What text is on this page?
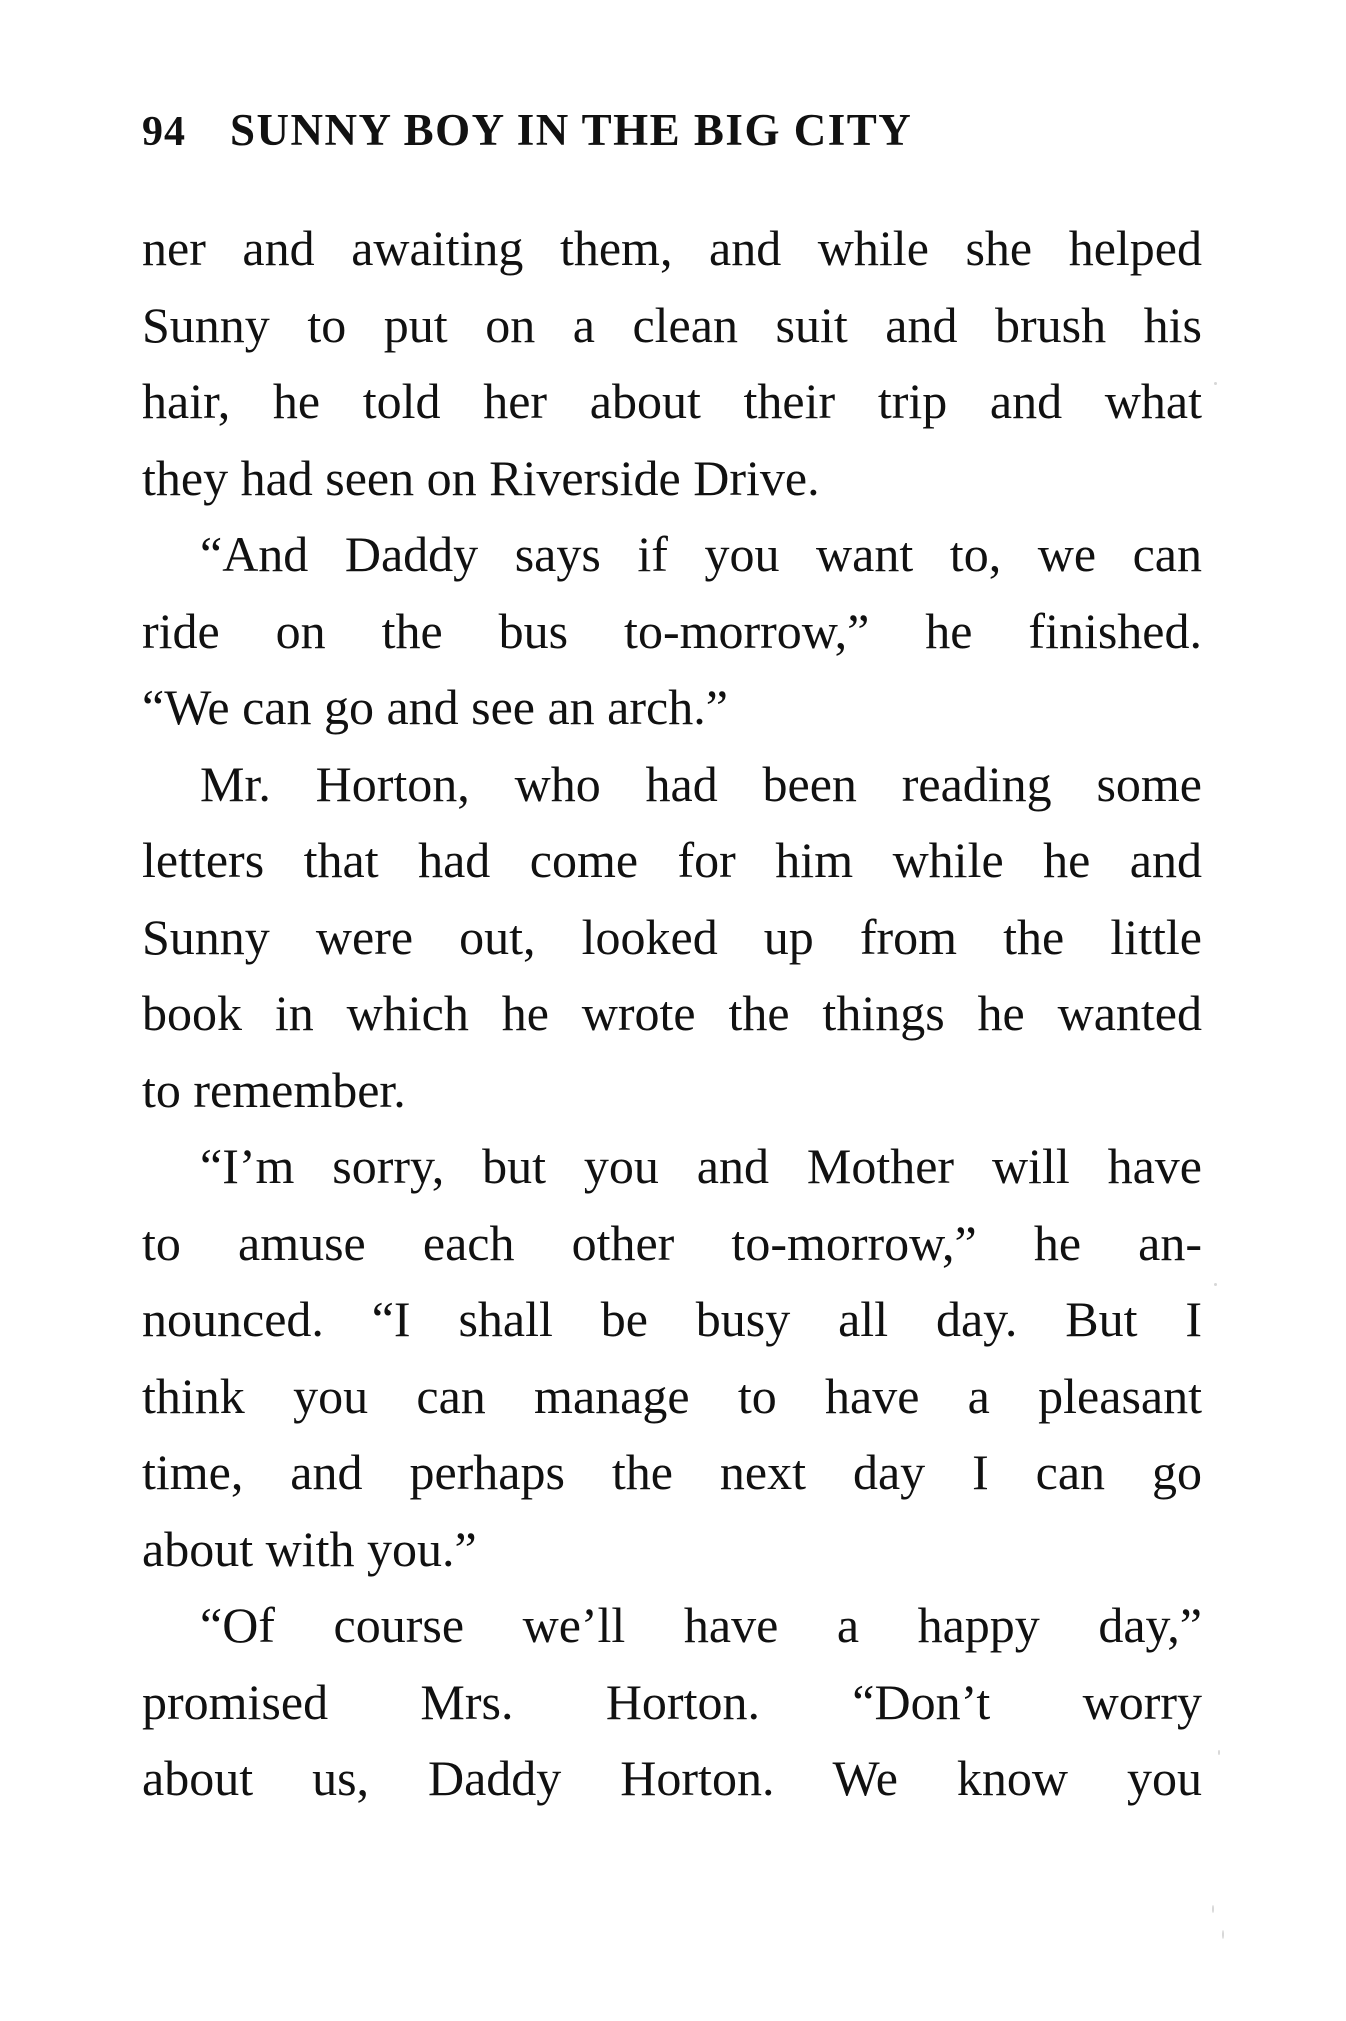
94 SUNNY BOY IN THE BIG CITY
ner and awaiting them, and while she helped
Sunny to put on a clean suit and brush his
hair, he told her about their trip and what
they had seen on Riverside Drive.
“And Daddy says if you want to, we can
ride on the bus to-morrow,” he finished.
“We can go and see an arch.”
Mr. Horton, who had been reading some
letters that had come for him while he and
Sunny were out, looked up from the little
book in which he wrote the things he wanted
to remember.
“I’m sorry, but you and Mother will have
to amuse each other to-morrow,” he an-
nounced. “I shall be busy all day. But I
think you can manage to have a pleasant
time, and perhaps the next day I can go
about with you.”
“Of course we’ll have a happy day,”
promised Mrs. Horton. “Don’t worry
about us, Daddy Horton. We know you
